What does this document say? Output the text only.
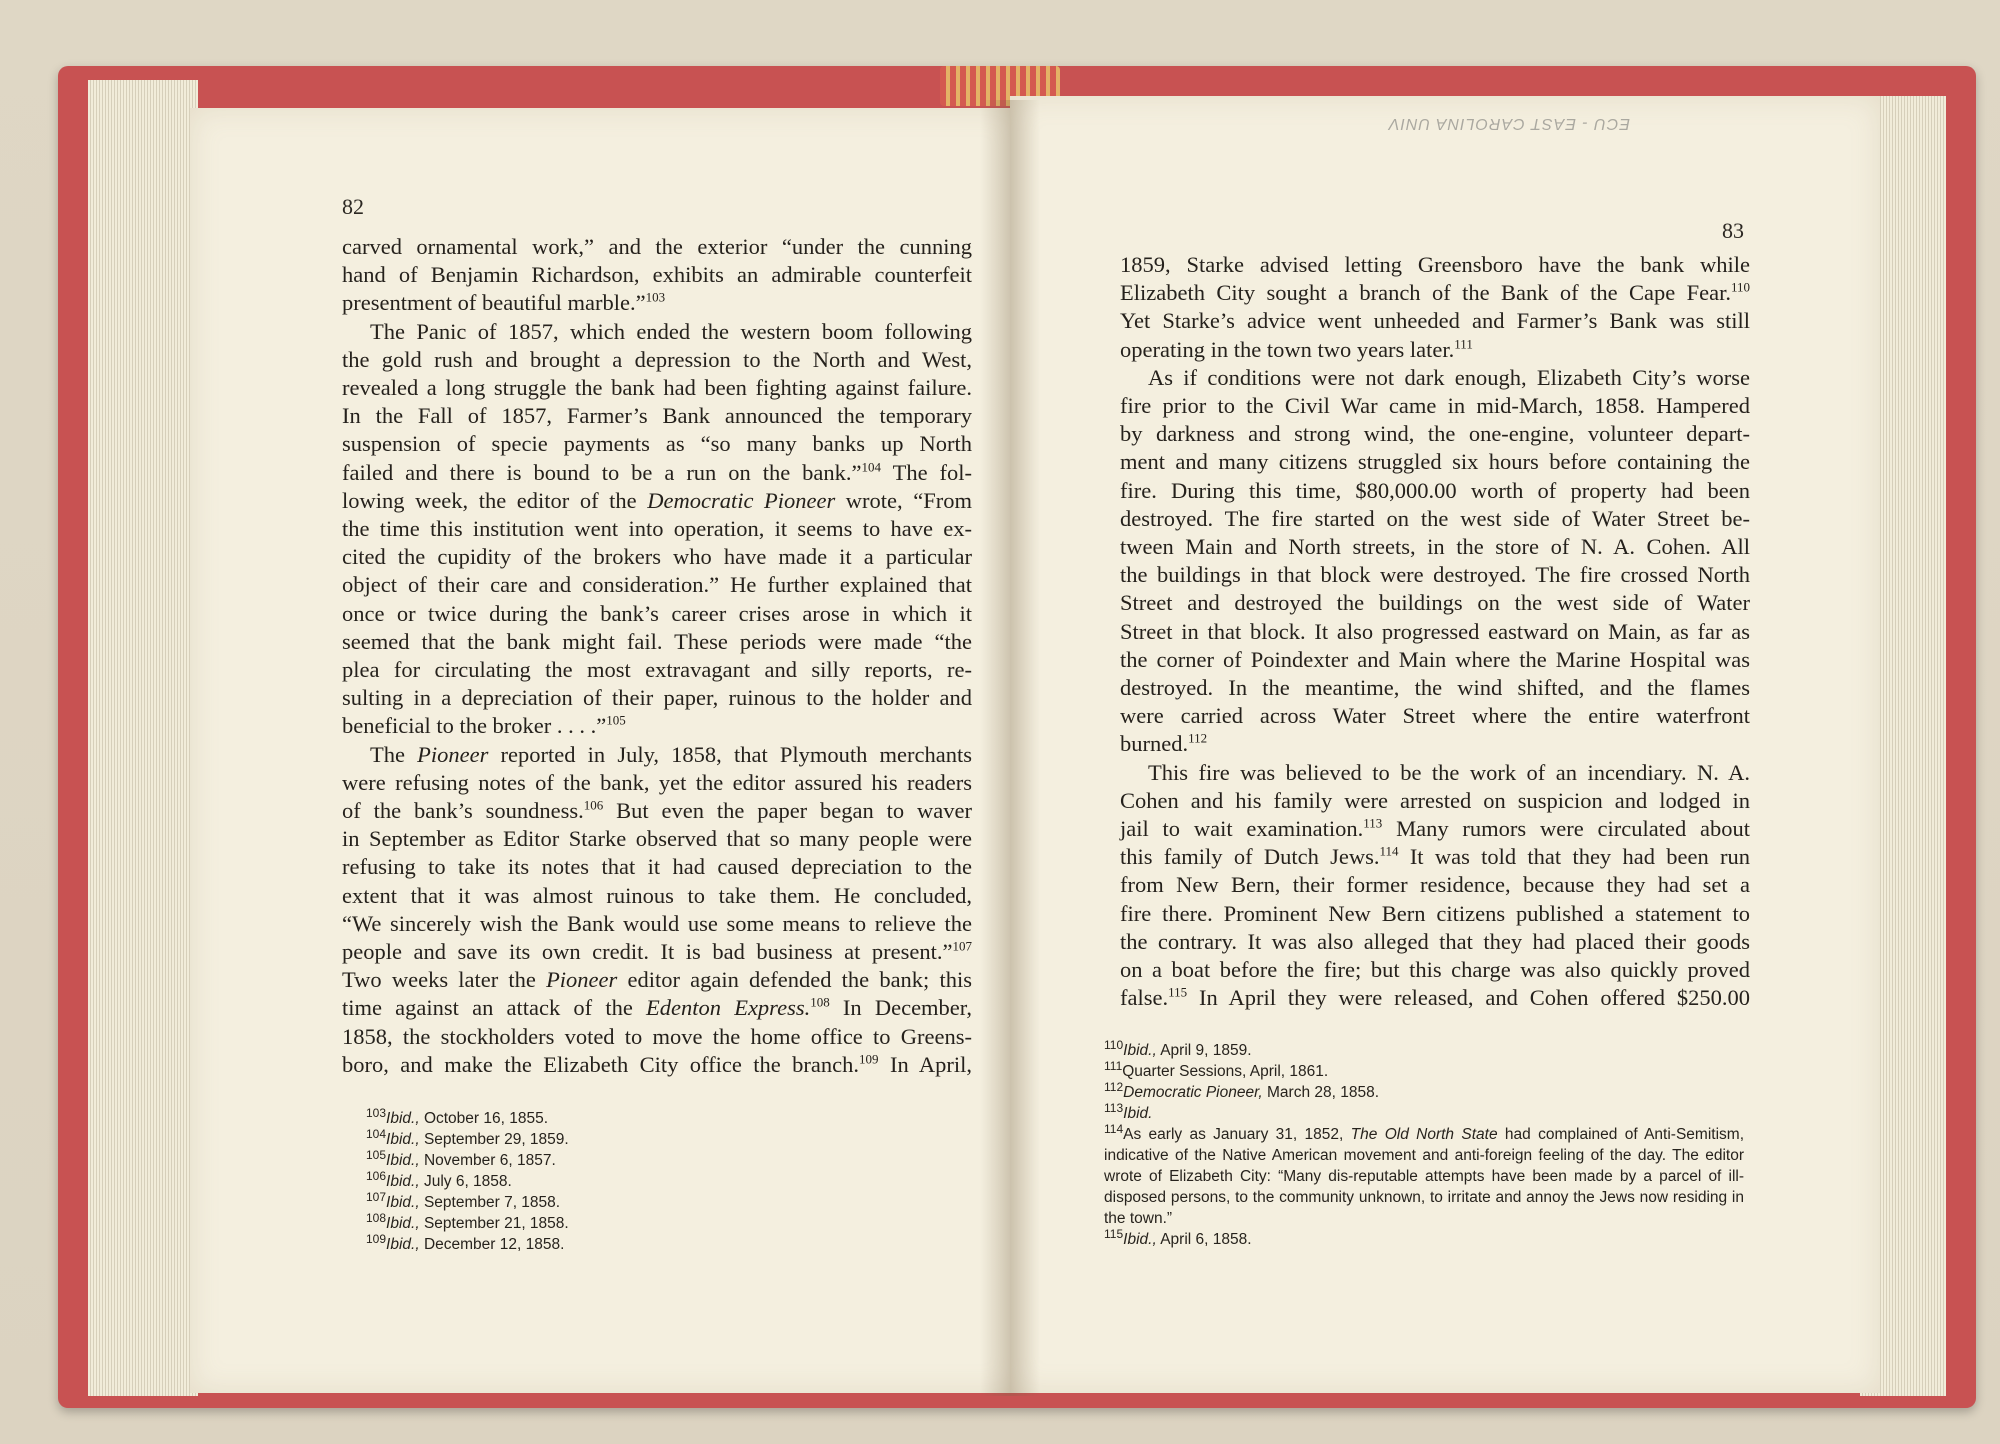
ECU - EAST CAROLINA UNIV
82
83
carved ornamental work,” and the exterior “under the cunning
hand of Benjamin Richardson, exhibits an admirable counterfeit
presentment of beautiful marble.”$^{103}$
The Panic of 1857, which ended the western boom following
the gold rush and brought a depression to the North and West,
revealed a long struggle the bank had been fighting against failure.
In the Fall of 1857, Farmer’s Bank announced the temporary
suspension of specie payments as “so many banks up North
failed and there is bound to be a run on the bank.”$^{104}$ The fol-
lowing week, the editor of the Democratic Pioneer wrote, “From
the time this institution went into operation, it seems to have ex-
cited the cupidity of the brokers who have made it a particular
object of their care and consideration.” He further explained that
once or twice during the bank’s career crises arose in which it
seemed that the bank might fail. These periods were made “the
plea for circulating the most extravagant and silly reports, re-
sulting in a depreciation of their paper, ruinous to the holder and
beneficial to the broker . . . .”$^{105}$
The Pioneer reported in July, 1858, that Plymouth merchants
were refusing notes of the bank, yet the editor assured his readers
of the bank’s soundness.$^{106}$ But even the paper began to waver
in September as Editor Starke observed that so many people were
refusing to take its notes that it had caused depreciation to the
extent that it was almost ruinous to take them. He concluded,
“We sincerely wish the Bank would use some means to relieve the
people and save its own credit. It is bad business at present.”$^{107}$
Two weeks later the Pioneer editor again defended the bank; this
time against an attack of the Edenton Express.$^{108}$ In December,
1858, the stockholders voted to move the home office to Greens-
boro, and make the Elizabeth City office the branch.$^{109}$ In April,
1859, Starke advised letting Greensboro have the bank while
Elizabeth City sought a branch of the Bank of the Cape Fear.$^{110}$
Yet Starke’s advice went unheeded and Farmer’s Bank was still
operating in the town two years later.$^{111}$
As if conditions were not dark enough, Elizabeth City’s worse
fire prior to the Civil War came in mid-March, 1858. Hampered
by darkness and strong wind, the one-engine, volunteer depart-
ment and many citizens struggled six hours before containing the
fire. During this time, $80,000.00 worth of property had been
destroyed. The fire started on the west side of Water Street be-
tween Main and North streets, in the store of N. A. Cohen. All
the buildings in that block were destroyed. The fire crossed North
Street and destroyed the buildings on the west side of Water
Street in that block. It also progressed eastward on Main, as far as
the corner of Poindexter and Main where the Marine Hospital was
destroyed. In the meantime, the wind shifted, and the flames
were carried across Water Street where the entire waterfront
burned.$^{112}$
This fire was believed to be the work of an incendiary. N. A.
Cohen and his family were arrested on suspicion and lodged in
jail to wait examination.$^{113}$ Many rumors were circulated about
this family of Dutch Jews.$^{114}$ It was told that they had been run
from New Bern, their former residence, because they had set a
fire there. Prominent New Bern citizens published a statement to
the contrary. It was also alleged that they had placed their goods
on a boat before the fire; but this charge was also quickly proved
false.$^{115}$ In April they were released, and Cohen offered $250.00
$^{103}$Ibid., October 16, 1855.
$^{104}$Ibid., September 29, 1859.
$^{105}$Ibid., November 6, 1857.
$^{106}$Ibid., July 6, 1858.
$^{107}$Ibid., September 7, 1858.
$^{108}$Ibid., September 21, 1858.
$^{109}$Ibid., December 12, 1858.
$^{110}$Ibid., April 9, 1859.
$^{111}$Quarter Sessions, April, 1861.
$^{112}$Democratic Pioneer, March 28, 1858.
$^{113}$Ibid.
$^{114}$As early as January 31, 1852, The Old North State had complained of Anti-Semitism, indicative of the Native American movement and anti-foreign feeling of the day. The editor wrote of Elizabeth City: “Many dis-reputable attempts have been made by a parcel of ill-disposed persons, to the community unknown, to irritate and annoy the Jews now residing in the town.”
$^{115}$Ibid., April 6, 1858.
